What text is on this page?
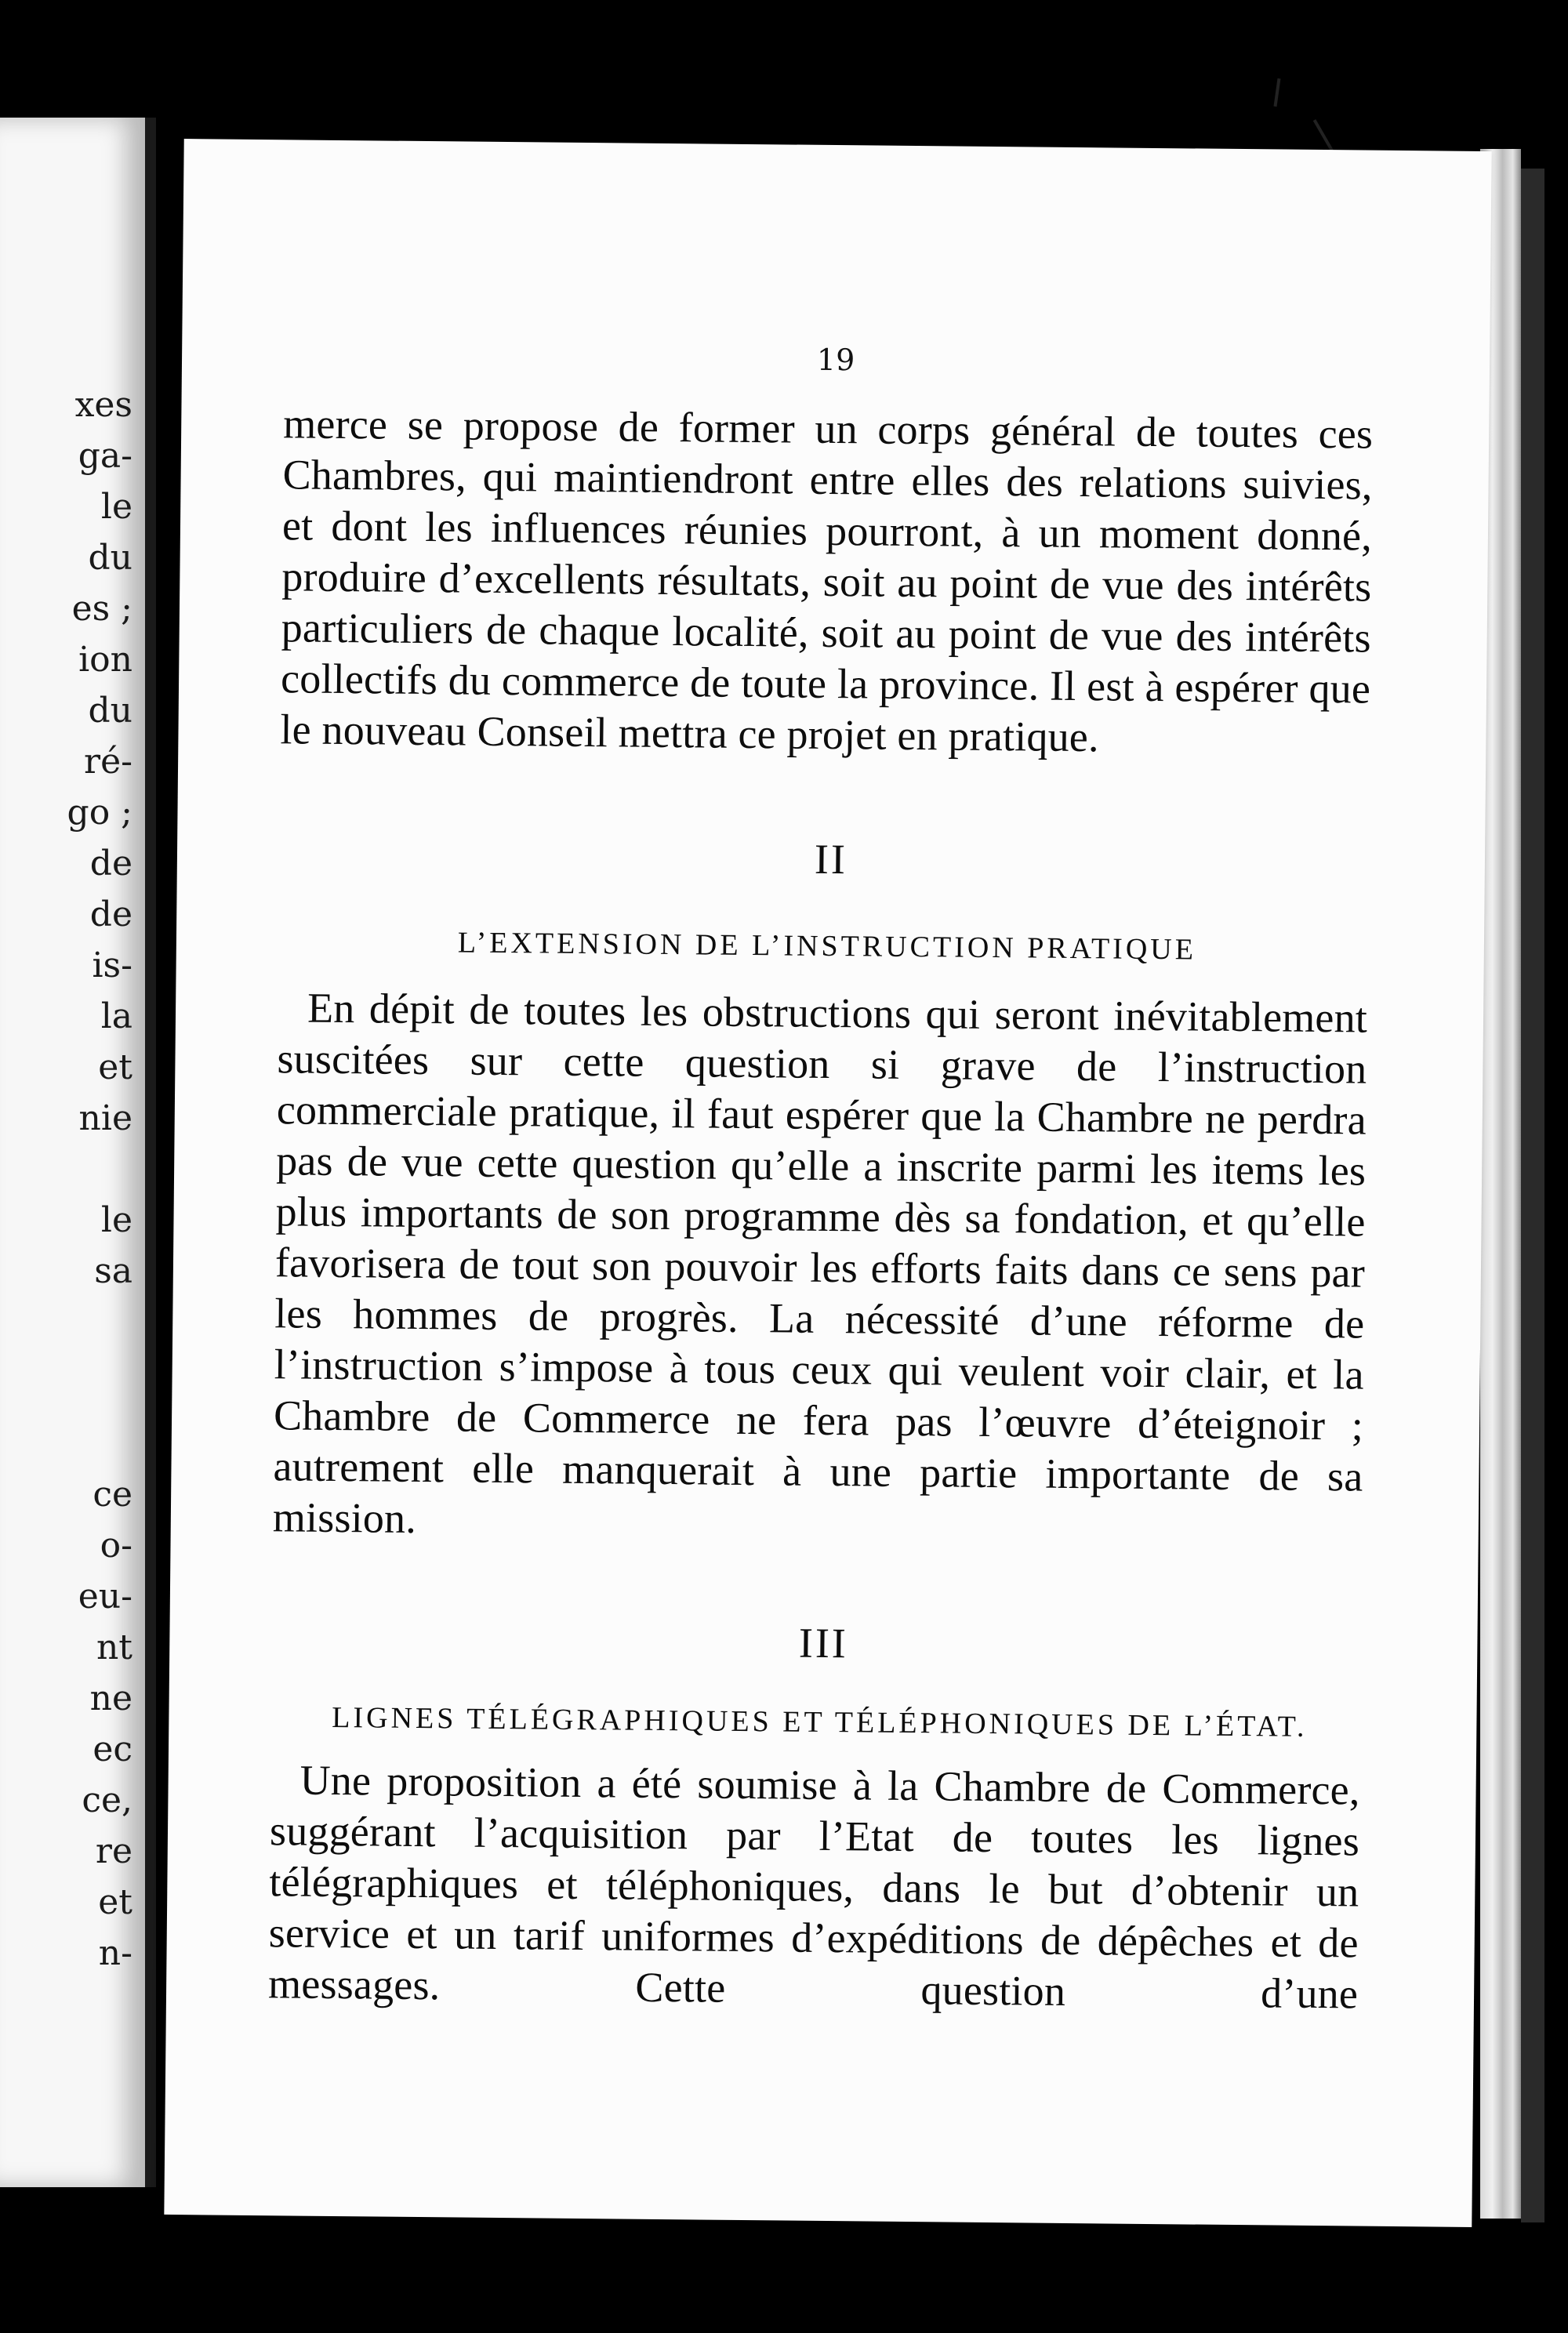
xes
ga-
le
du
es ;
ion
du
ré-
go ;
de
de
is-
la
et
nie
le
sa
ce
o-
eu-
nt
ne
ec
ce,
re
et
n-
19

merce se propose de former un corps général de toutes ces Chambres, qui maintiendront entre elles des relations suivies, et dont les influences réunies pourront, à un moment donné, produire d’excellents résultats, soit au point de vue des intérêts particuliers de chaque localité, soit au point de vue des intérêts collectifs du commerce de toute la province. Il est à espérer que le nouveau Conseil mettra ce projet en pratique.

II
L’EXTENSION DE L’INSTRUCTION PRATIQUE

En dépit de toutes les obstructions qui seront inévitablement suscitées sur cette question si grave de l’instruction commerciale pratique, il faut espérer que la Chambre ne perdra pas de vue cette question qu’elle a inscrite parmi les items les plus importants de son programme dès sa fondation, et qu’elle favorisera de tout son pouvoir les efforts faits dans ce sens par les hommes de progrès. La nécessité d’une réforme de l’instruction s’impose à tous ceux qui veulent voir clair, et la Chambre de Commerce ne fera pas l’œuvre d’éteignoir ; autrement elle manquerait à une partie importante de sa mission.

III
LIGNES TÉLÉGRAPHIQUES ET TÉLÉPHONIQUES DE L’ÉTAT.

Une proposition a été soumise à la Chambre de Commerce, suggérant l’acquisition par l’Etat de toutes les lignes télégraphiques et téléphoniques, dans le but d’obtenir un service et un tarif uniformes d’expéditions de dépêches et de messages. Cette question d’une
